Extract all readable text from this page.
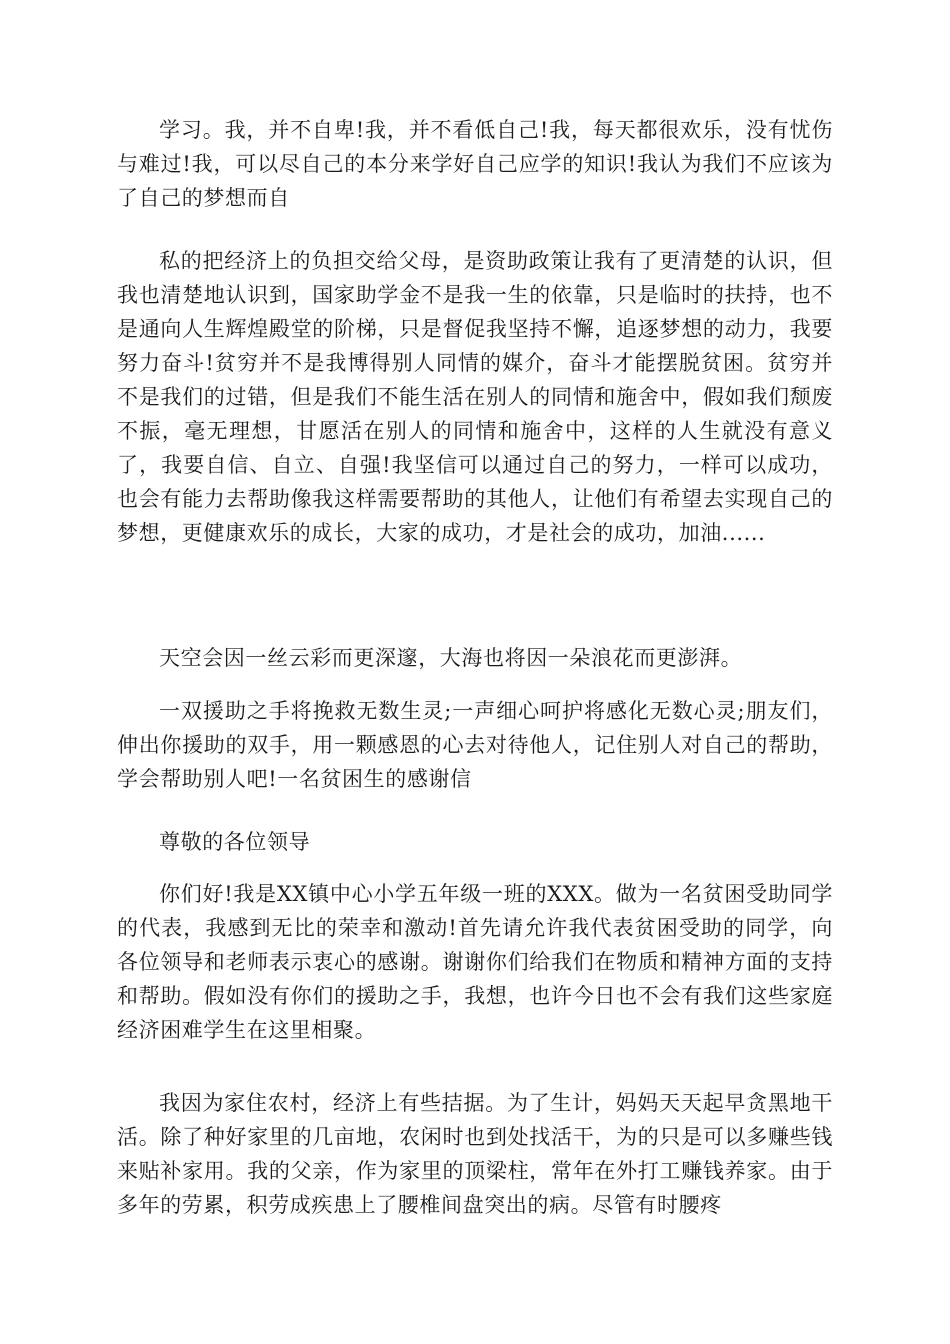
学习。我，并不自卑!我，并不看低自己!我，每天都很欢乐，没有忧伤与难过!我，可以尽自己的本分来学好自己应学的知识!我认为我们不应该为了自己的梦想而自

私的把经济上的负担交给父母，是资助政策让我有了更清楚的认识，但我也清楚地认识到，国家助学金不是我一生的依靠，只是临时的扶持，也不是通向人生辉煌殿堂的阶梯，只是督促我坚持不懈，追逐梦想的动力，我要努力奋斗!贫穷并不是我博得别人同情的媒介，奋斗才能摆脱贫困。贫穷并不是我们的过错，但是我们不能生活在别人的同情和施舍中，假如我们颓废不振，毫无理想，甘愿活在别人的同情和施舍中，这样的人生就没有意义了，我要自信、自立、自强!我坚信可以通过自己的努力，一样可以成功，也会有能力去帮助像我这样需要帮助的其他人，让他们有希望去实现自己的梦想，更健康欢乐的成长，大家的成功，才是社会的成功，加油......

天空会因一丝云彩而更深邃，大海也将因一朵浪花而更澎湃。

一双援助之手将挽救无数生灵;一声细心呵护将感化无数心灵;朋友们，伸出你援助的双手，用一颗感恩的心去对待他人，记住别人对自己的帮助，学会帮助别人吧!一名贫困生的感谢信

尊敬的各位领导

你们好!我是XX镇中心小学五年级一班的XXX。做为一名贫困受助同学的代表，我感到无比的荣幸和激动!首先请允许我代表贫困受助的同学，向各位领导和老师表示衷心的感谢。谢谢你们给我们在物质和精神方面的支持和帮助。假如没有你们的援助之手，我想，也许今日也不会有我们这些家庭经济困难学生在这里相聚。

我因为家住农村，经济上有些拮据。为了生计，妈妈天天起早贪黑地干活。除了种好家里的几亩地，农闲时也到处找活干，为的只是可以多赚些钱来贴补家用。我的父亲，作为家里的顶梁柱，常年在外打工赚钱养家。由于多年的劳累，积劳成疾患上了腰椎间盘突出的病。尽管有时腰疼
